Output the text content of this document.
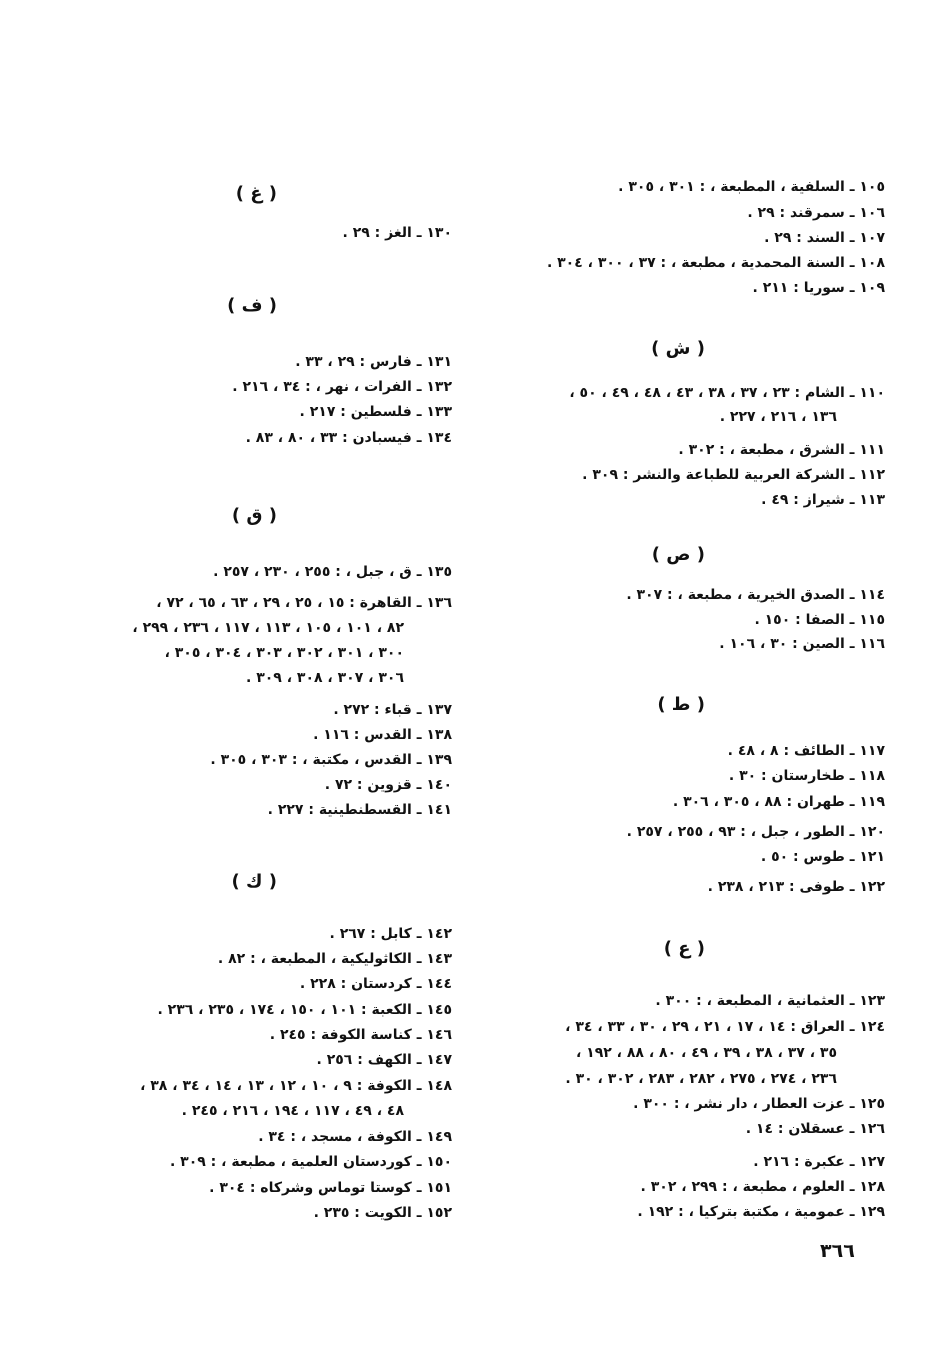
١٠٥ ـ السلفية ، المطبعة ، : ٣٠١ ، ٣٠٥ .
١٠٦ ـ سمرقند : ٢٩ .
١٠٧ ـ السند : ٢٩ .
١٠٨ ـ السنة المحمدية ، مطبعة ، : ٣٧ ، ٣٠٠ ، ٣٠٤ .
١٠٩ ـ سوريا : ٢١١ .
( ش )
١١٠ ـ الشام : ٢٣ ، ٣٧ ، ٣٨ ، ٤٣ ، ٤٨ ، ٤٩ ، ٥٠ ،
١٣٦ ، ٢١٦ ، ٢٢٧ .
١١١ ـ الشرق ، مطبعة ، : ٣٠٢ .
١١٢ ـ الشركة العربية للطباعة والنشر : ٣٠٩ .
١١٣ ـ شيراز : ٤٩ .
( ص )
١١٤ ـ الصدق الخيرية ، مطبعة ، : ٣٠٧ .
١١٥ ـ الصفا : ١٥٠ .
١١٦ ـ الصين : ٣٠ ، ١٠٦ .
( ط )
١١٧ ـ الطائف : ٨ ، ٤٨ .
١١٨ ـ طخارستان : ٣٠ .
١١٩ ـ طهران : ٨٨ ، ٣٠٥ ، ٣٠٦ .
١٢٠ ـ الطور ، جبل ، : ٩٣ ، ٢٥٥ ، ٢٥٧ .
١٢١ ـ طوس : ٥٠ .
١٢٢ ـ طوفى : ٢١٣ ، ٢٣٨ .
( ع )
١٢٣ ـ العثمانية ، المطبعة ، : ٣٠٠ .
١٢٤ ـ العراق : ١٤ ، ١٧ ، ٢١ ، ٢٩ ، ٣٠ ، ٣٣ ، ٣٤ ،
٣٥ ، ٣٧ ، ٣٨ ، ٣٩ ، ٤٩ ، ٨٠ ، ٨٨ ، ١٩٢ ،
٢٣٦ ، ٢٧٤ ، ٢٧٥ ، ٢٨٢ ، ٢٨٣ ، ٣٠٢ ، ٣٠ .
١٢٥ ـ عزت العطار ، دار نشر ، : ٣٠٠ .
١٢٦ ـ عسقلان : ١٤ .
١٢٧ ـ عكبرة : ٢١٦ .
١٢٨ ـ العلوم ، مطبعة ، : ٢٩٩ ، ٣٠٢ .
١٢٩ ـ عمومية ، مكتبة بتركيا ، : ١٩٢ .
( غ )
١٣٠ ـ الغز : ٢٩ .
( ف )
١٣١ ـ فارس : ٢٩ ، ٣٣ .
١٣٢ ـ الفرات ، نهر ، : ٣٤ ، ٢١٦ .
١٣٣ ـ فلسطين : ٢١٧ .
١٣٤ ـ فيسبادن : ٣٣ ، ٨٠ ، ٨٣ .
( ق )
١٣٥ ـ ق ، جبل ، : ٢٥٥ ، ٢٣٠ ، ٢٥٧ .
١٣٦ ـ القاهرة : ١٥ ، ٢٥ ، ٢٩ ، ٦٣ ، ٦٥ ، ٧٢ ،
٨٢ ، ١٠١ ، ١٠٥ ، ١١٣ ، ١١٧ ، ٢٣٦ ، ٢٩٩ ،
٣٠٠ ، ٣٠١ ، ٣٠٢ ، ٣٠٣ ، ٣٠٤ ، ٣٠٥ ،
٣٠٦ ، ٣٠٧ ، ٣٠٨ ، ٣٠٩ .
١٣٧ ـ قباء : ٢٧٢ .
١٣٨ ـ القدس : ١١٦ .
١٣٩ ـ القدس ، مكتبة ، : ٣٠٣ ، ٣٠٥ .
١٤٠ ـ قزوين : ٧٢ .
١٤١ ـ القسطنطينية : ٢٢٧ .
( ك )
١٤٢ ـ كابل : ٢٦٧ .
١٤٣ ـ الكاثوليكية ، المطبعة ، : ٨٢ .
١٤٤ ـ كردستان : ٢٢٨ .
١٤٥ ـ الكعبة : ١٠١ ، ١٥٠ ، ١٧٤ ، ٢٣٥ ، ٢٣٦ .
١٤٦ ـ كناسة الكوفة : ٢٤٥ .
١٤٧ ـ الكهف : ٢٥٦ .
١٤٨ ـ الكوفة : ٩ ، ١٠ ، ١٢ ، ١٣ ، ١٤ ، ٣٤ ، ٣٨ ،
٤٨ ، ٤٩ ، ١١٧ ، ١٩٤ ، ٢١٦ ، ٢٤٥ .
١٤٩ ـ الكوفة ، مسجد ، : ٣٤ .
١٥٠ ـ كوردستان العلمية ، مطبعة ، : ٣٠٩ .
١٥١ ـ كوستا توماس وشركاه : ٣٠٤ .
١٥٢ ـ الكويت : ٢٣٥ .
٣٦٦
